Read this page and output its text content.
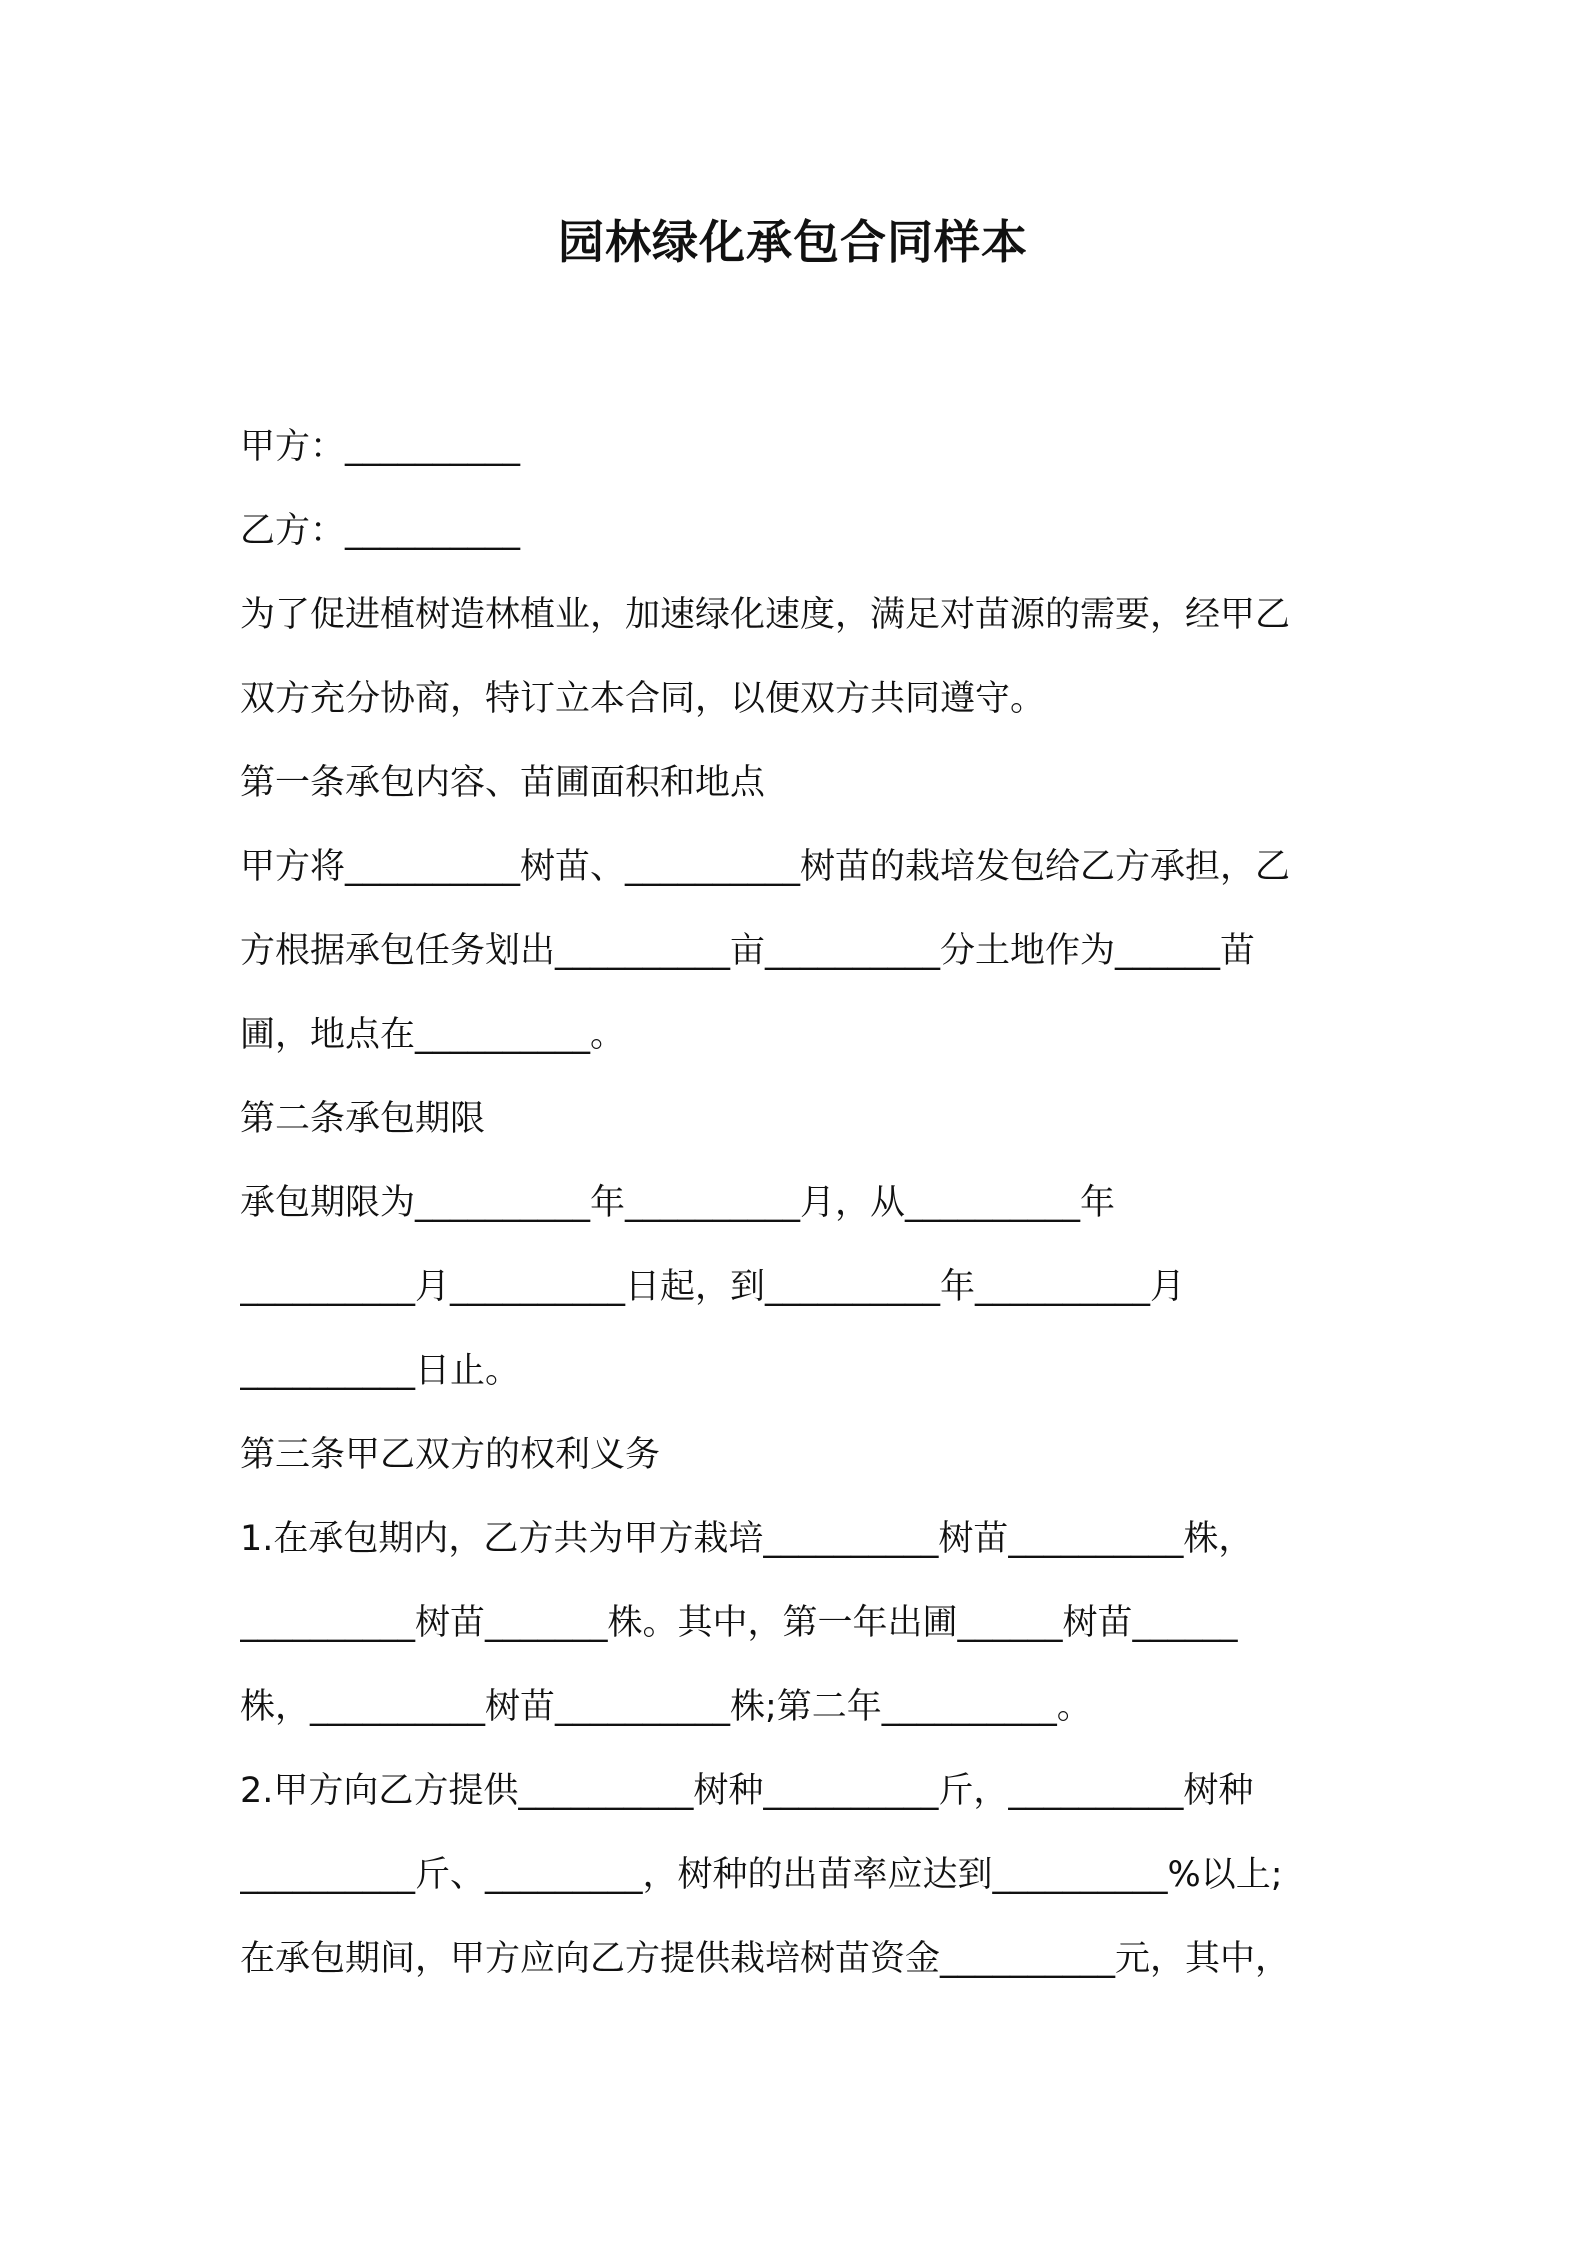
园林绿化承包合同样本
甲方：__________
乙方：__________
为了促进植树造林植业，加速绿化速度，满足对苗源的需要，经甲乙
双方充分协商，特订立本合同，以便双方共同遵守。
第一条承包内容、苗圃面积和地点
甲方将__________树苗、__________树苗的栽培发包给乙方承担，乙
方根据承包任务划出__________亩__________分土地作为______苗
圃，地点在__________。
第二条承包期限
承包期限为__________年__________月，从__________年
__________月__________日起，到__________年__________月
__________日止。
第三条甲乙双方的权利义务
1.在承包期内，乙方共为甲方栽培__________树苗__________株，
__________树苗_______株。其中，第一年出圃______树苗______
株，__________树苗__________株;第二年__________。
2.甲方向乙方提供__________树种__________斤，__________树种
__________斤、_________，树种的出苗率应达到__________%以上;
在承包期间，甲方应向乙方提供栽培树苗资金__________元，其中，
